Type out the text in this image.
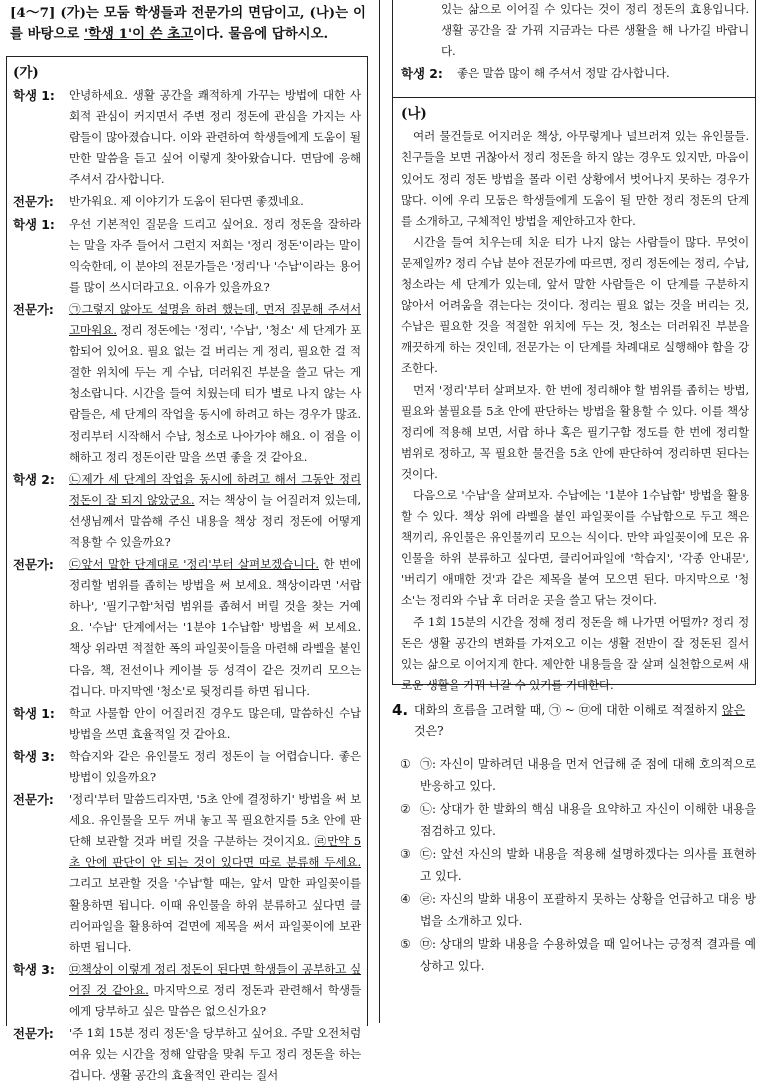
[4～7] (가)는 모둠 학생들과 전문가의 면담이고, (나)는 이를 바탕으로 '학생 1'이 쓴 초고이다. 물음에 답하시오.
(가)
학생 1:	안녕하세요. 생활 공간을 쾌적하게 가꾸는 방법에 대한 사회적 관심이 커지면서 주변 정리 정돈에 관심을 가지는 사람들이 많아졌습니다. 이와 관련하여 학생들에게 도움이 될 만한 말씀을 듣고 싶어 이렇게 찾아왔습니다. 면담에 응해 주셔서 감사합니다.
전문가:	반가워요. 제 이야기가 도움이 된다면 좋겠네요.
학생 1:	우선 기본적인 질문을 드리고 싶어요. 정리 정돈을 잘하라는 말을 자주 들어서 그런지 저희는 '정리 정돈'이라는 말이 익숙한데, 이 분야의 전문가들은 '정리'나 '수납'이라는 용어를 많이 쓰시더라고요. 이유가 있을까요?
전문가:	㉠그렇지 않아도 설명을 하려 했는데, 먼저 질문해 주셔서 고마워요. 정리 정돈에는 '정리', '수납', '청소' 세 단계가 포함되어 있어요. 필요 없는 걸 버리는 게 정리, 필요한 걸 적절한 위치에 두는 게 수납, 더러워진 부분을 쓸고 닦는 게 청소랍니다. 시간을 들여 치웠는데 티가 별로 나지 않는 사람들은, 세 단계의 작업을 동시에 하려고 하는 경우가 많죠. 정리부터 시작해서 수납, 청소로 나아가야 해요. 이 점을 이해하고 정리 정돈이란 말을 쓰면 좋을 것 같아요.
학생 2:	㉡제가 세 단계의 작업을 동시에 하려고 해서 그동안 정리 정돈이 잘 되지 않았군요. 저는 책상이 늘 어질러져 있는데, 선생님께서 말씀해 주신 내용을 책상 정리 정돈에 어떻게 적용할 수 있을까요?
전문가:	㉢앞서 말한 단계대로 '정리'부터 살펴보겠습니다. 한 번에 정리할 범위를 좁히는 방법을 써 보세요. 책상이라면 '서랍 하나', '필기구함'처럼 범위를 좁혀서 버릴 것을 찾는 거예요. '수납' 단계에서는 '1분야 1수납함' 방법을 써 보세요. 책상 위라면 적절한 폭의 파일꽂이들을 마련해 라벨을 붙인 다음, 책, 전선이나 케이블 등 성격이 같은 것끼리 모으는 겁니다. 마지막엔 '청소'로 뒷정리를 하면 됩니다.
학생 1:	학교 사물함 안이 어질러진 경우도 많은데, 말씀하신 수납 방법을 쓰면 효율적일 것 같아요.
학생 3:	학습지와 같은 유인물도 정리 정돈이 늘 어렵습니다. 좋은 방법이 있을까요?
전문가:	'정리'부터 말씀드리자면, '5초 안에 결정하기' 방법을 써 보세요. 유인물을 모두 꺼내 놓고 꼭 필요한지를 5초 안에 판단해 보관할 것과 버릴 것을 구분하는 것이지요. ㉣만약 5초 안에 판단이 안 되는 것이 있다면 따로 분류해 두세요. 그리고 보관할 것을 '수납'할 때는, 앞서 말한 파일꽂이를 활용하면 됩니다. 이때 유인물을 하위 분류하고 싶다면 클리어파일을 활용하여 겉면에 제목을 써서 파일꽂이에 보관하면 됩니다.
학생 3:	㉤책상이 이렇게 정리 정돈이 된다면 학생들이 공부하고 싶어질 것 같아요. 마지막으로 정리 정돈과 관련해서 학생들에게 당부하고 싶은 말씀은 없으신가요?
전문가:	'주 1회 15분 정리 정돈'을 당부하고 싶어요. 주말 오전처럼 여유 있는 시간을 정해 알람을 맞춰 두고 정리 정돈을 하는 겁니다. 생활 공간의 효율적인 관리는 질서

있는 삶으로 이어질 수 있다는 것이 정리 정돈의 효용입니다. 생활 공간을 잘 가꿔 지금과는 다른 생활을 해 나가길 바랍니다.

학생 2:	좋은 말씀 많이 해 주셔서 정말 감사합니다.
(나)

여러 물건들로 어지러운 책상, 아무렇게나 널브러져 있는 유인물들. 친구들을 보면 귀찮아서 정리 정돈을 하지 않는 경우도 있지만, 마음이 있어도 정리 정돈 방법을 몰라 이런 상황에서 벗어나지 못하는 경우가 많다. 이에 우리 모둠은 학생들에게 도움이 될 만한 정리 정돈의 단계를 소개하고, 구체적인 방법을 제안하고자 한다.

시간을 들여 치우는데 치운 티가 나지 않는 사람들이 많다. 무엇이 문제일까? 정리 수납 분야 전문가에 따르면, 정리 정돈에는 정리, 수납, 청소라는 세 단계가 있는데, 앞서 말한 사람들은 이 단계를 구분하지 않아서 어려움을 겪는다는 것이다. 정리는 필요 없는 것을 버리는 것, 수납은 필요한 것을 적절한 위치에 두는 것, 청소는 더러워진 부분을 깨끗하게 하는 것인데, 전문가는 이 단계를 차례대로 실행해야 함을 강조한다.

먼저 '정리'부터 살펴보자. 한 번에 정리해야 할 범위를 좁히는 방법, 필요와 불필요를 5초 안에 판단하는 방법을 활용할 수 있다. 이를 책상 정리에 적용해 보면, 서랍 하나 혹은 필기구함 정도를 한 번에 정리할 범위로 정하고, 꼭 필요한 물건을 5초 안에 판단하여 정리하면 된다는 것이다.

다음으로 '수납'을 살펴보자. 수납에는 '1분야 1수납함' 방법을 활용할 수 있다. 책상 위에 라벨을 붙인 파일꽂이를 수납함으로 두고 책은 책끼리, 유인물은 유인물끼리 모으는 식이다. 만약 파일꽂이에 모은 유인물을 하위 분류하고 싶다면, 클리어파일에 '학습지', '각종 안내문', '버리기 애매한 것'과 같은 제목을 붙여 모으면 된다. 마지막으로 '청소'는 정리와 수납 후 더러운 곳을 쓸고 닦는 것이다.

주 1회 15분의 시간을 정해 정리 정돈을 해 나가면 어떨까? 정리 정돈은 생활 공간의 변화를 가져오고 이는 생활 전반이 잘 정돈된 질서 있는 삶으로 이어지게 한다. 제안한 내용들을 잘 살펴 실천함으로써 새로운 생활을 가꿔 나갈 수 있기를 기대한다.

4. 대화의 흐름을 고려할 때, ㉠ ~ ㉤에 대한 이해로 적절하지 않은 것은?
① ㉠: 자신이 말하려던 내용을 먼저 언급해 준 점에 대해 호의적으로 반응하고 있다.
② ㉡: 상대가 한 발화의 핵심 내용을 요약하고 자신이 이해한 내용을 점검하고 있다.
③ ㉢: 앞선 자신의 발화 내용을 적용해 설명하겠다는 의사를 표현하고 있다.
④ ㉣: 자신의 발화 내용이 포괄하지 못하는 상황을 언급하고 대응 방법을 소개하고 있다.
⑤ ㉤: 상대의 발화 내용을 수용하였을 때 일어나는 긍정적 결과를 예상하고 있다.
